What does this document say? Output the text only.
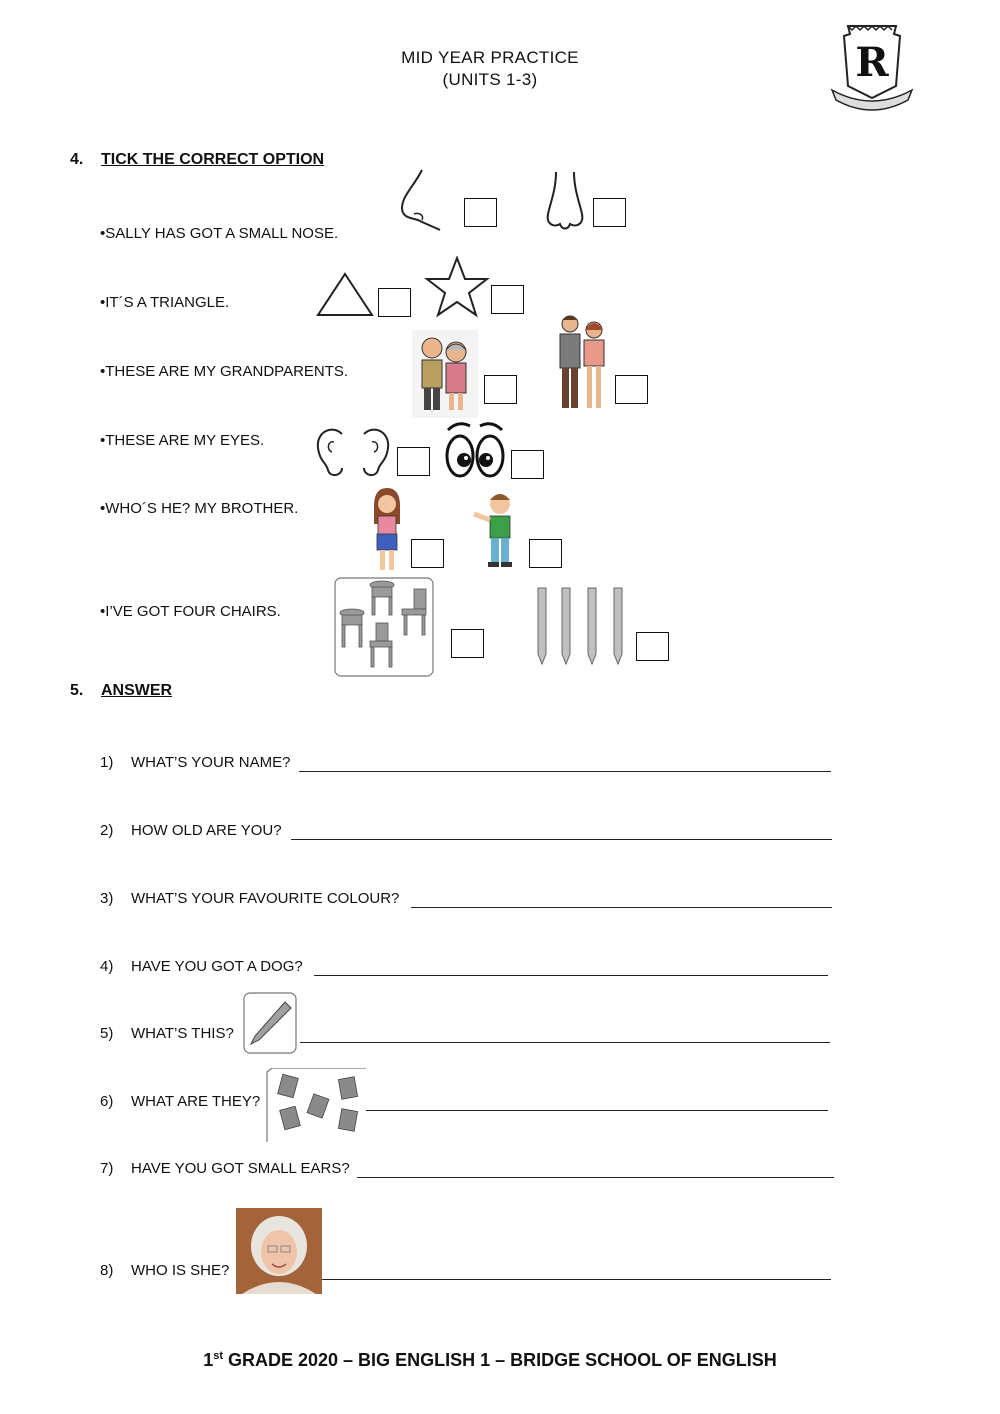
MID YEAR PRACTICE
(UNITS 1-3)	R
4. TICK THE CORRECT OPTION
•SALLY HAS GOT A SMALL NOSE.
•IT´S A TRIANGLE.
•THESE ARE MY GRANDPARENTS.
•THESE ARE MY EYES.
•WHO´S HE? MY BROTHER.
•I’VE GOT FOUR CHAIRS.
5. ANSWER
1) WHAT’S YOUR NAME?
2) HOW OLD ARE YOU?
3) WHAT’S YOUR FAVOURITE COLOUR?
4) HAVE YOU GOT A DOG?
5) WHAT’S THIS?
6) WHAT ARE THEY?
7) HAVE YOU GOT SMALL EARS?
8) WHO IS SHE?
1st GRADE 2020 – BIG ENGLISH 1 – BRIDGE SCHOOL OF ENGLISH
